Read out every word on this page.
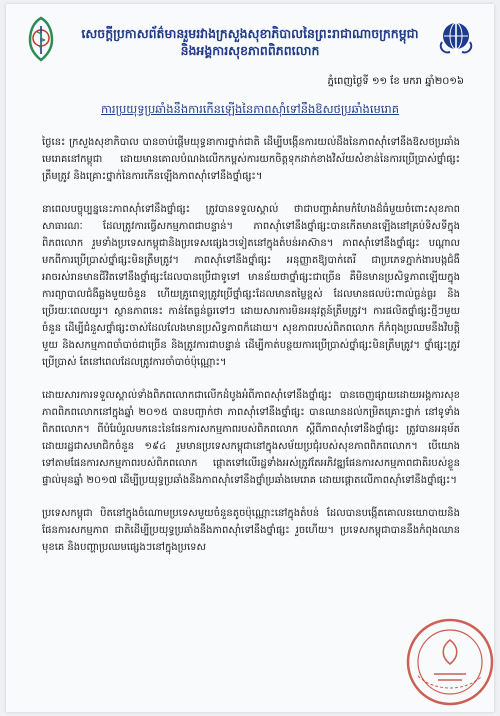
សេចក្តីប្រកាសព័ត៌មានរួមរវាងក្រសួងសុខាភិបាលនៃព្រះរាជាណាចក្រកម្ពុជា
និងអង្គការសុខភាពពិភពលោក
ភ្នំពេញថ្ងៃទី ១១ ខែ មករា ឆ្នាំ២០១៦
ការប្រយុទ្ធប្រឆាំងនឹងការកើនឡើងនៃភាពស៊ាំទៅនឹងឱសថប្រឆាំងមេរោគ

ថ្ងៃនេះ ក្រសួងសុខាភិបាល បានចាប់ផ្តើមយុទ្ធនាការថ្នាក់ជាតិ ដើម្បីបង្កើនការយល់ដឹងនៃភាពស៊ាំទៅនឹងឱសថប្រឆាំងមេរោគនៅកម្ពុជា ដោយមានគោលបំណងលើកកម្ពស់ការយកចិត្តទុកដាក់ខាងវិស័យសំខាន់នៃការប្រើប្រាស់ថ្នាំផ្សះត្រឹមត្រូវ និងគ្រោះថ្នាក់នៃការកើនឡើងភាពស៊ាំទៅនឹងថ្នាំផ្សះ។

នាពេលបច្ចុប្បន្ននេះភាពស៊ាំទៅនឹងថ្នាំផ្សះ ត្រូវបានទទួលស្គាល់ ថាជាបញ្ហាគំរាមកំហែងដ៏ធំមួយចំពោះសុខភាពសាធារណៈ ដែលត្រូវការធ្វើសកម្មភាពជាបន្ទាន់។ ភាពស៊ាំទៅនឹងថ្នាំផ្សះបានកើតមានឡើងនៅគ្រប់ទិសទីក្នុងពិភពលោក រួមទាំងប្រទេសកម្ពុជានិងប្រទេសផ្សេងៗទៀតនៅក្នុងតំបន់អាស៊ាន។ ភាពស៊ាំទៅនឹងថ្នាំផ្សះ បណ្តាលមកពីការប្រើប្រាស់ថ្នាំផ្សះមិនត្រឹមត្រូវ។ ភាពស៊ាំទៅនឹងថ្នាំផ្សះ អនុញ្ញាតឱ្យបាក់តេរី ជាប្រភេទភ្នាក់ងារបង្កជំងឺ អាចរស់រានមានជីវិតទៅនឹងថ្នាំផ្សះដែលបានប្រើជាទូទៅ មានន័យថាថ្នាំផ្សះជាច្រើន គឺមិនមានប្រសិទ្ធភាពឡើយក្នុងការព្យាបាលជំងឺឆ្លងមួយចំនួន ហើយគ្រូពេទ្យត្រូវប្រើថ្នាំផ្សះដែលមានតម្លៃខ្ពស់ ដែលមានផលប៉ះពាល់ធ្ងន់ធ្ងរ និងប្រើរយៈពេលយូរ។ ស្ថានភាពនេះ កាន់តែធ្ងន់ធ្ងរទៅៗ ដោយសារការមិនអនុវត្តន៍ត្រឹមត្រូវ។ ការផលិតថ្នាំផ្សះថ្មីៗមួយចំនួន ដើម្បីជំនួសថ្នាំផ្សះចាស់ដែលលែងមានប្រសិទ្ធភាពក៏ដោយ។ សុខភាពរបស់ពិភពលោក ក៏កំពុងប្រឈមនឹងវិបត្តិមួយ និងសកម្មភាពចាំបាច់ជាច្រើន និងត្រូវការជាបន្ទាន់ ដើម្បីកាត់បន្ថយការប្រើប្រាស់ថ្នាំផ្សះមិនត្រឹមត្រូវ។ ថ្នាំផ្សះត្រូវប្រើប្រាស់ តែនៅពេលដែលត្រូវការចាំបាច់ប៉ុណ្ណោះ។

ដោយសារការទទួលស្គាល់ទាំងពិភពលោកជាលើកដំបូងអំពីភាពស៊ាំទៅនឹងថ្នាំផ្សះ បានចេញផ្សាយដោយអង្គការសុខភាពពិភពលោកនៅក្នុងឆ្នាំ ២០១៥ បានបញ្ជាក់ថា ភាពស៊ាំទៅនឹងថ្នាំផ្សះ បានឈានដល់កម្រិតគ្រោះថ្នាក់ នៅទូទាំងពិភពលោក។ ពីបំរែបំរួលមកនេះនៃផែនការសកម្មភាពរបស់ពិភពលោក ស្តីពីភាពស៊ាំទៅនឹងថ្នាំផ្សះ ត្រូវបានអនុម័តដោយរដ្ឋជាសមាជិកចំនួន ១៩៤ រួមមានប្រទេសកម្ពុជានៅក្នុងសម័យប្រជុំរបស់សុខភាពពិភពលោក។ បើយោងទៅតាមផែនការសកម្មភាពរបស់ពិភពលោក ផ្តោតទៅលើរដ្ឋទាំងអស់ត្រូវតែអភិវឌ្ឍផែនការសកម្មភាពជាតិរបស់ខ្លួនផ្ទាល់មុនឆ្នាំ ២០១៧ ដើម្បីប្រយុទ្ធប្រឆាំងនឹងភាពស៊ាំទៅនឹងថ្នាំប្រឆាំងមេរោគ ដោយផ្តោតលើភាពស៊ាំទៅនឹងថ្នាំផ្សះ។

ប្រទេសកម្ពុជា បិតនៅក្នុងចំណោមប្រទេសមួយចំនួនតូចប៉ុណ្ណោះនៅក្នុងតំបន់ ដែលបានបង្កើតគោលនយោបាយនិងផែនការសកម្មភាព ជាតិដើម្បីប្រយុទ្ធប្រឆាំងនឹងភាពស៊ាំទៅនឹងថ្នាំផ្សះ រួចហើយ។ ប្រទេសកម្ពុជាបាននឹងកំពុងឈានមុខគេ និងបញ្ហាប្រឈមផ្សេងៗនៅក្នុងប្រទេស
